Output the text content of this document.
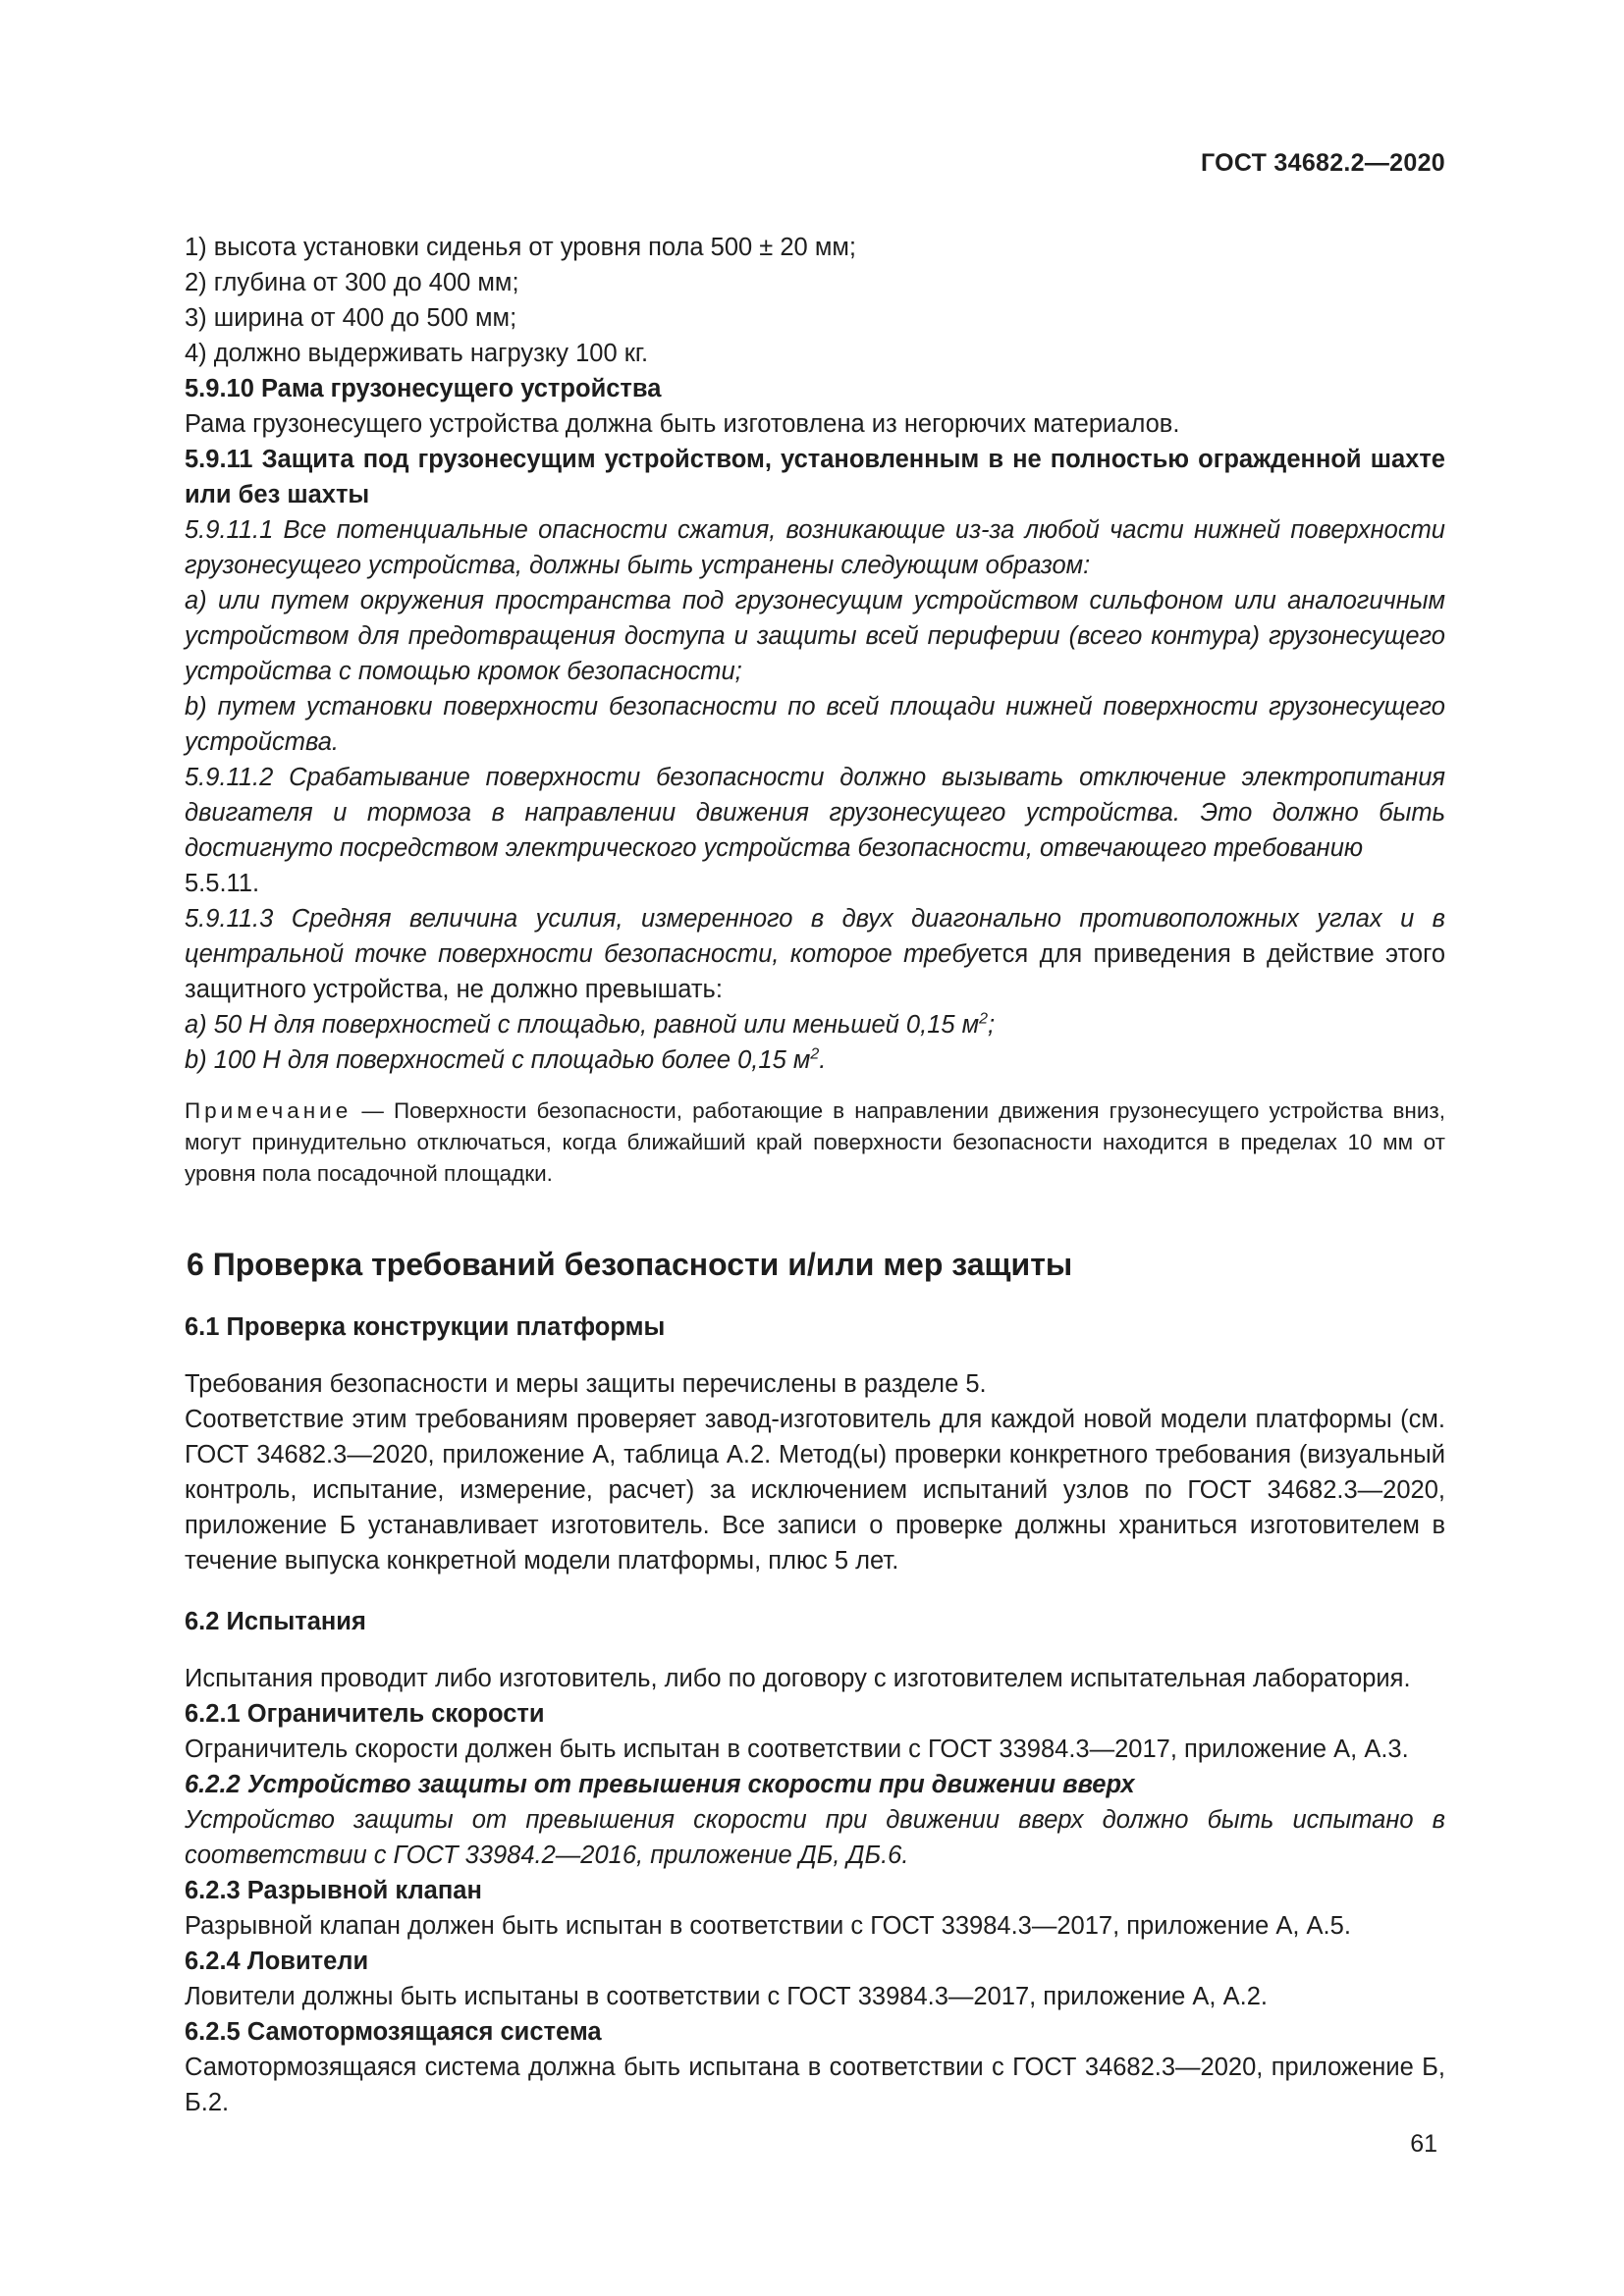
ГОСТ 34682.2—2020

1) высота установки сиденья от уровня пола 500 ± 20 мм;

2) глубина от 300 до 400 мм;

3) ширина от 400 до 500 мм;

4) должно выдерживать нагрузку 100 кг.

5.9.10 Рама грузонесущего устройства

Рама грузонесущего устройства должна быть изготовлена из негорючих материалов.

5.9.11 Защита под грузонесущим устройством, установленным в не полностью огражденной шахте или без шахты

5.9.11.1 Все потенциальные опасности сжатия, возникающие из-за любой части нижней поверхности грузонесущего устройства, должны быть устранены следующим образом:

a) или путем окружения пространства под грузонесущим устройством сильфоном или аналогичным устройством для предотвращения доступа и защиты всей периферии (всего контура) грузонесущего устройства с помощью кромок безопасности;

b) путем установки поверхности безопасности по всей площади нижней поверхности грузонесущего устройства.

5.9.11.2 Срабатывание поверхности безопасности должно вызывать отключение электропитания двигателя и тормоза в направлении движения грузонесущего устройства. Это должно быть достигнуто посредством электрического устройства безопасности, отвечающего требованию

5.5.11.

5.9.11.3 Средняя величина усилия, измеренного в двух диагонально противоположных углах и в центральной точке поверхности безопасности, которое требуется для приведения в действие этого защитного устройства, не должно превышать:

a) 50 Н для поверхностей с площадью, равной или меньшей 0,15 $м^2$;

b) 100 Н для поверхностей с площадью более 0,15 $м^2$.

Примечание — Поверхности безопасности, работающие в направлении движения грузонесущего устройства вниз, могут принудительно отключаться, когда ближайший край поверхности безопасности находится в пределах 10 мм от уровня пола посадочной площадки.

6 Проверка требований безопасности и/или мер защиты
6.1 Проверка конструкции платформы

Требования безопасности и меры защиты перечислены в разделе 5.

Соответствие этим требованиям проверяет завод-изготовитель для каждой новой модели платформы (см. ГОСТ 34682.3—2020, приложение А, таблица А.2. Метод(ы) проверки конкретного требования (визуальный контроль, испытание, измерение, расчет) за исключением испытаний узлов по ГОСТ 34682.3—2020, приложение Б устанавливает изготовитель. Все записи о проверке должны храниться изготовителем в течение выпуска конкретной модели платформы, плюс 5 лет.

6.2 Испытания

Испытания проводит либо изготовитель, либо по договору с изготовителем испытательная лаборатория.

6.2.1 Ограничитель скорости

Ограничитель скорости должен быть испытан в соответствии с ГОСТ 33984.3—2017, приложение А, А.3.

6.2.2 Устройство защиты от превышения скорости при движении вверх

Устройство защиты от превышения скорости при движении вверх должно быть испытано в соответствии с ГОСТ 33984.2—2016, приложение ДБ, ДБ.6.

6.2.3 Разрывной клапан

Разрывной клапан должен быть испытан в соответствии с ГОСТ 33984.3—2017, приложение А, А.5.

6.2.4 Ловители

Ловители должны быть испытаны в соответствии с ГОСТ 33984.3—2017, приложение А, А.2.

6.2.5 Самотормозящаяся система

Самотормозящаяся система должна быть испытана в соответствии с ГОСТ 34682.3—2020, приложение Б, Б.2.

61
